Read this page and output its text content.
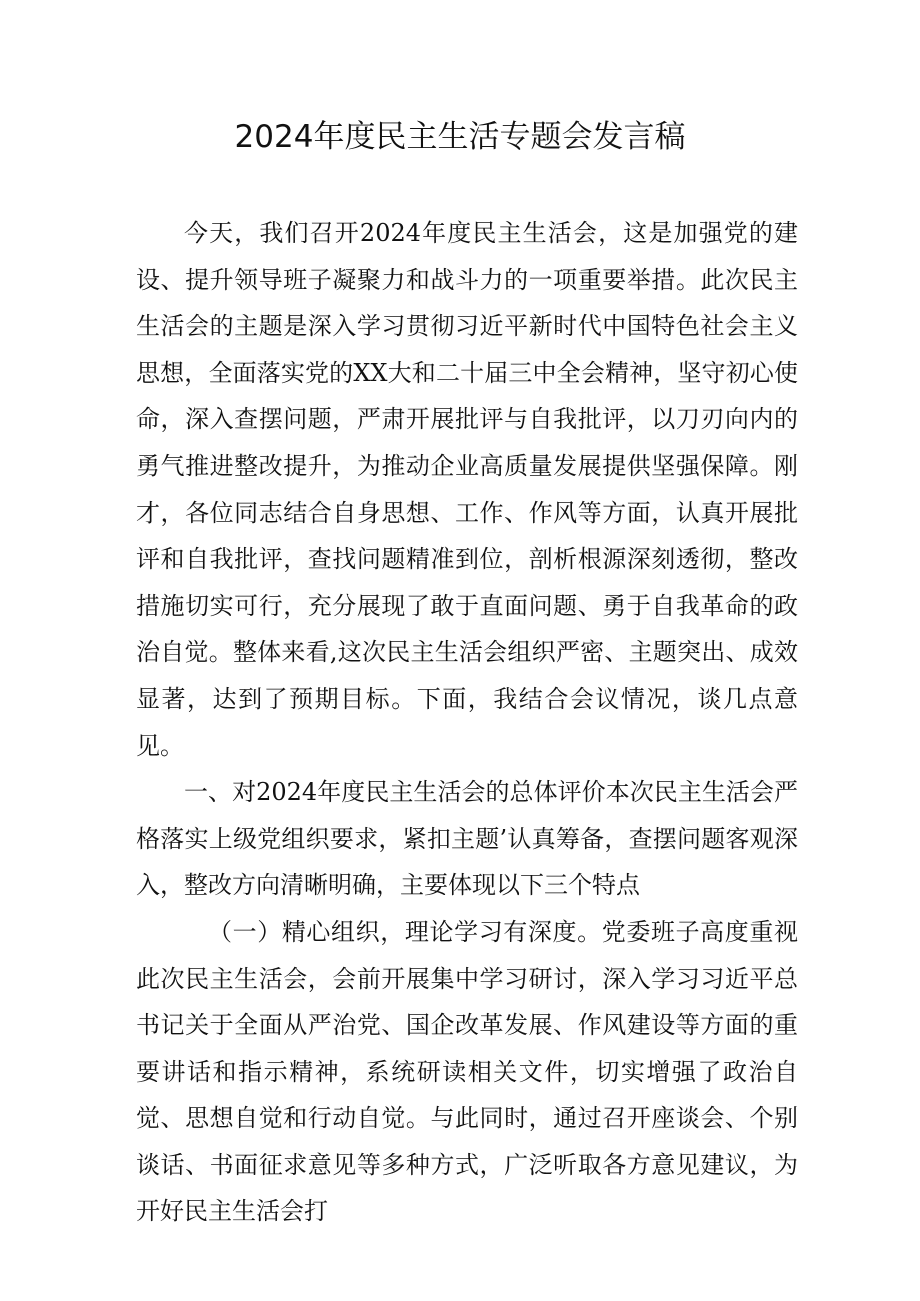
2024年度民主生活专题会发言稿

今天，我们召开2024年度民主生活会，这是加强党的建设、提升领导班子凝聚力和战斗力的一项重要举措。此次民主生活会的主题是深入学习贯彻习近平新时代中国特色社会主义思想，全面落实党的XX大和二十届三中全会精神，坚守初心使命，深入查摆问题，严肃开展批评与自我批评，以刀刃向内的勇气推进整改提升，为推动企业高质量发展提供坚强保障。刚才，各位同志结合自身思想、工作、作风等方面，认真开展批评和自我批评，查找问题精准到位，剖析根源深刻透彻，整改措施切实可行，充分展现了敢于直面问题、勇于自我革命的政治自觉。整体来看,这次民主生活会组织严密、主题突出、成效显著，达到了预期目标。下面，我结合会议情况，谈几点意见。

一、对2024年度民主生活会的总体评价本次民主生活会严格落实上级党组织要求，紧扣主题’认真筹备，查摆问题客观深入，整改方向清晰明确，主要体现以下三个特点

（一）精心组织，理论学习有深度。党委班子高度重视此次民主生活会，会前开展集中学习研讨，深入学习习近平总书记关于全面从严治党、国企改革发展、作风建设等方面的重要讲话和指示精神，系统研读相关文件，切实增强了政治自觉、思想自觉和行动自觉。与此同时，通过召开座谈会、个别谈话、书面征求意见等多种方式，广泛听取各方意见建议，为开好民主生活会打
